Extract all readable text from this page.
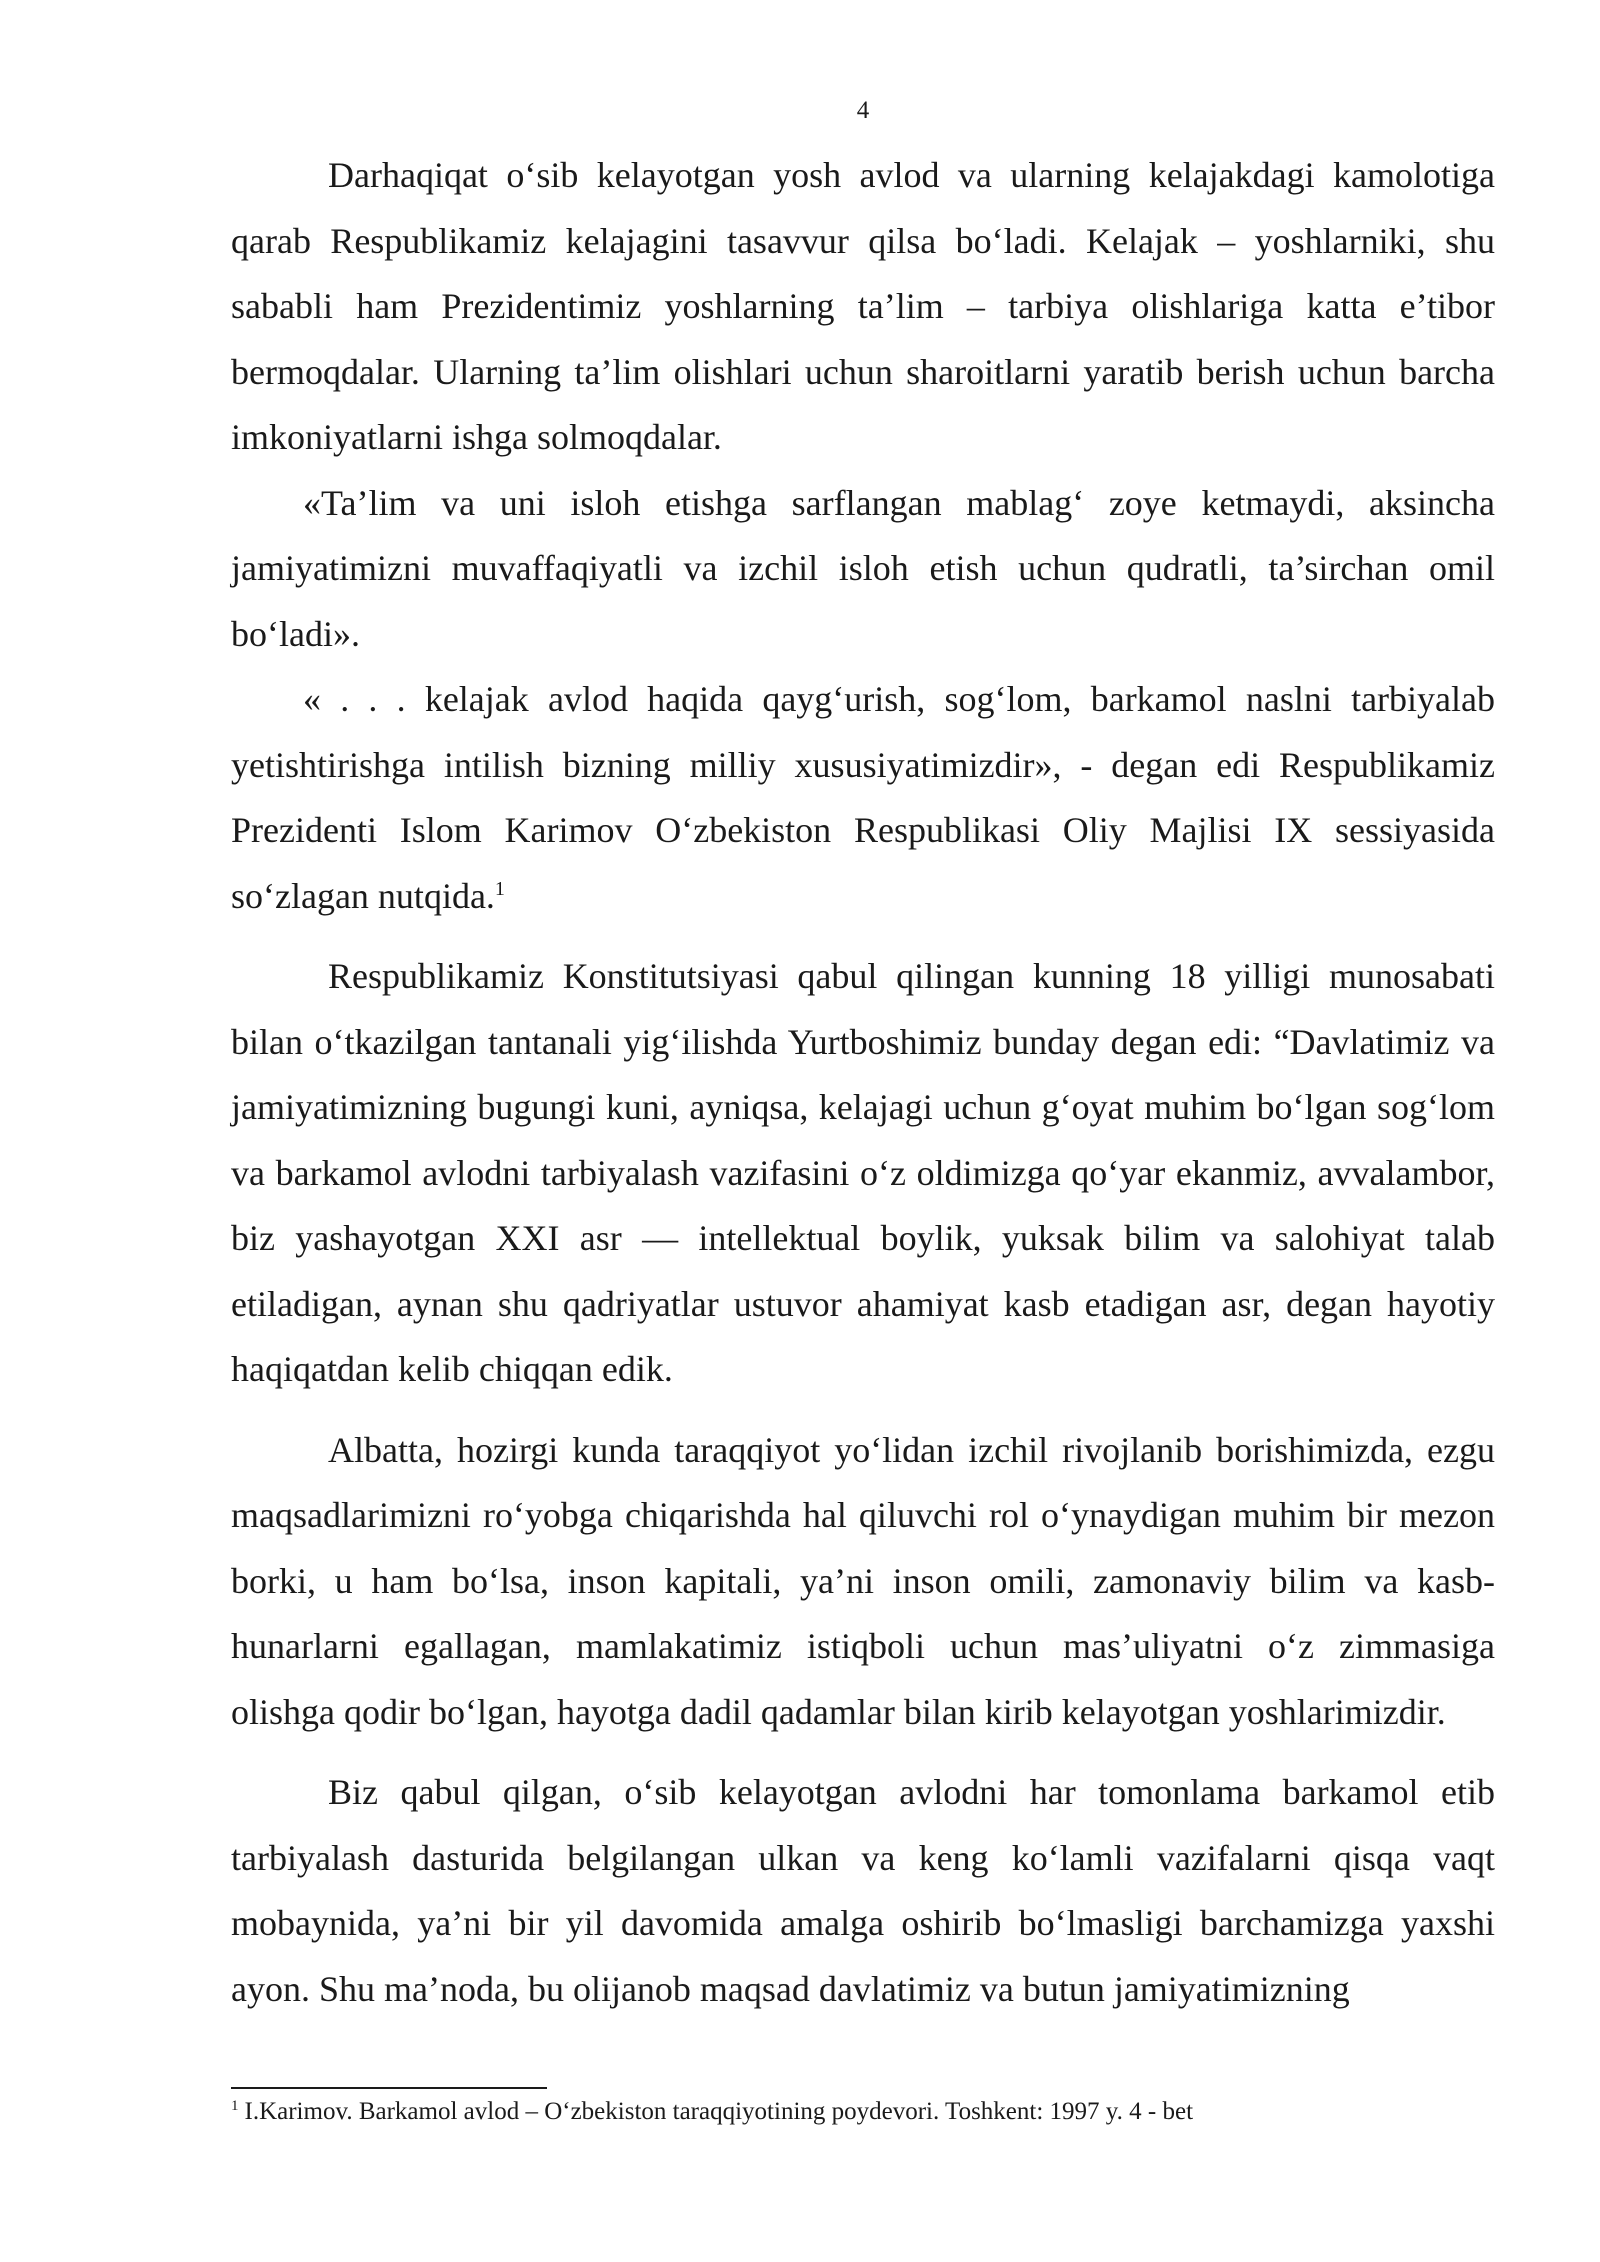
4

Darhaqiqat o‘sib kelayotgan yosh avlod va ularning kelajakdagi kamolotiga qarab Respublikamiz kelajagini tasavvur qilsa bo‘ladi. Kelajak – yoshlarniki, shu sababli ham Prezidentimiz yoshlarning ta’lim – tarbiya olishlariga katta e’tibor bermoqdalar. Ularning ta’lim olishlari uchun sharoitlarni yaratib berish uchun barcha imkoniyatlarni ishga solmoqdalar.

«Ta’lim va uni isloh etishga sarflangan mablag‘ zoye ketmaydi, aksincha jamiyatimizni muvaffaqiyatli va izchil isloh etish uchun qudratli, ta’sirchan omil bo‘ladi».

« . . . kelajak avlod haqida qayg‘urish, sog‘lom, barkamol naslni tarbiyalab yetishtirishga intilish bizning milliy xususiyatimizdir», - degan edi Respublikamiz Prezidenti Islom Karimov O‘zbekiston Respublikasi Oliy Majlisi IX sessiyasida so‘zlagan nutqida.$^1$

Respublikamiz Konstitutsiyasi qabul qilingan kunning 18 yilligi munosabati bilan o‘tkazilgan tantanali yig‘ilishda Yurtboshimiz bunday degan edi: “Davlatimiz va jamiyatimizning bugungi kuni, ayniqsa, kelajagi uchun g‘oyat muhim bo‘lgan sog‘lom va barkamol avlodni tarbiyalash vazifasini o‘z oldimizga qo‘yar ekanmiz, avvalambor, biz yashayotgan XXI asr — intellektual boylik, yuksak bilim va salohiyat talab etiladigan, aynan shu qadriyatlar ustuvor ahamiyat kasb etadigan asr, degan hayotiy haqiqatdan kelib chiqqan edik.

Albatta, hozirgi kunda taraqqiyot yo‘lidan izchil rivojlanib borishimizda, ezgu maqsadlarimizni ro‘yobga chiqarishda hal qiluvchi rol o‘ynaydigan muhim bir mezon borki, u ham bo‘lsa, inson kapitali, ya’ni inson omili, zamonaviy bilim va kasb-hunarlarni egallagan, mamlakatimiz istiqboli uchun mas’uliyatni o‘z zimmasiga olishga qodir bo‘lgan, hayotga dadil qadamlar bilan kirib kelayotgan yoshlarimizdir.

Biz qabul qilgan, o‘sib kelayotgan avlodni har tomonlama barkamol etib tarbiyalash dasturida belgilangan ulkan va keng ko‘lamli vazifalarni qisqa vaqt mobaynida, ya’ni bir yil davomida amalga oshirib bo‘lmasligi barchamizga yaxshi ayon. Shu ma’noda, bu olijanob maqsad davlatimiz va butun jamiyatimizning

$^1$ I.Karimov. Barkamol avlod – O‘zbekiston taraqqiyotining poydevori. Toshkent: 1997 y. 4 - bet
